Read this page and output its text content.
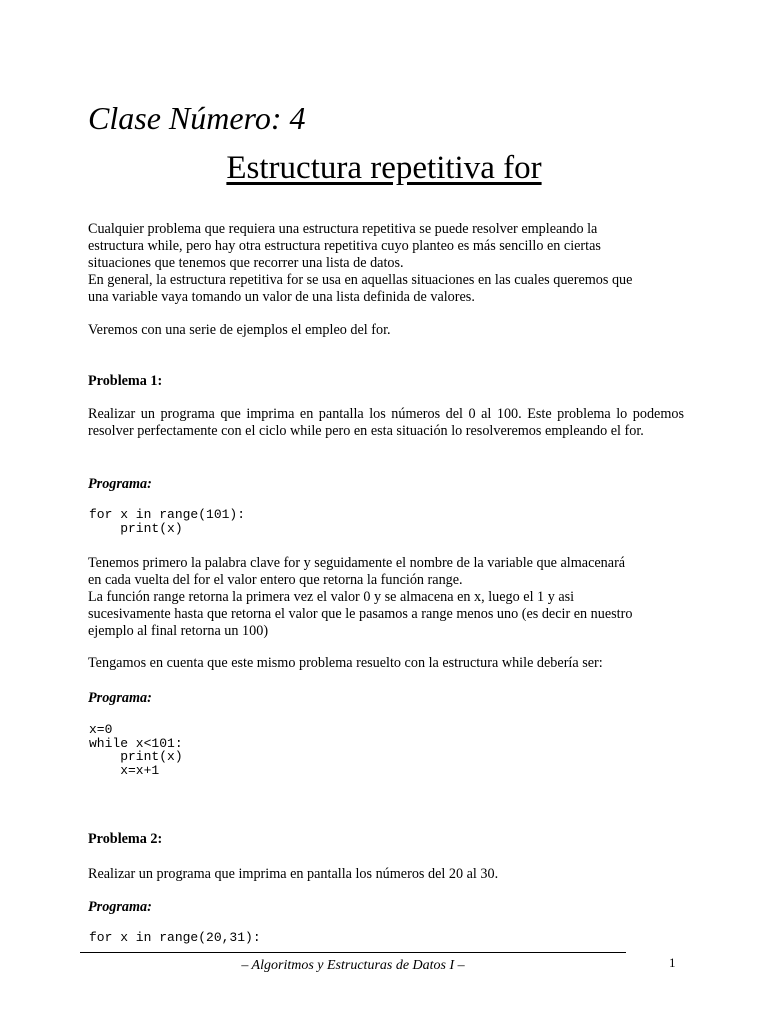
Clase Número: 4
Estructura repetitiva for
Cualquier problema que requiera una estructura repetitiva se puede resolver empleando la
estructura while, pero hay otra estructura repetitiva cuyo planteo es más sencillo en ciertas
situaciones que tenemos que recorrer una lista de datos.
En general, la estructura repetitiva for se usa en aquellas situaciones en las cuales queremos que
una variable vaya tomando un valor de una lista definida de valores.
Veremos con una serie de ejemplos el empleo del for.
Problema 1:
Realizar un programa que imprima en pantalla los números del 0 al 100. Este problema lo podemos resolver perfectamente con el ciclo while pero en esta situación lo resolveremos empleando el for.
Programa:
for x in range(101):
print(x)
Tenemos primero la palabra clave for y seguidamente el nombre de la variable que almacenará
en cada vuelta del for el valor entero que retorna la función range.
La función range retorna la primera vez el valor 0 y se almacena en x, luego el 1 y asi
sucesivamente hasta que retorna el valor que le pasamos a range menos uno (es decir en nuestro
ejemplo al final retorna un 100)
Tengamos en cuenta que este mismo problema resuelto con la estructura while debería ser:
Programa:
x=0
while x<101:
print(x)
x=x+1
Problema 2:
Realizar un programa que imprima en pantalla los números del 20 al 30.
Programa:
for x in range(20,31):
– Algoritmos y Estructuras de Datos I –	1
